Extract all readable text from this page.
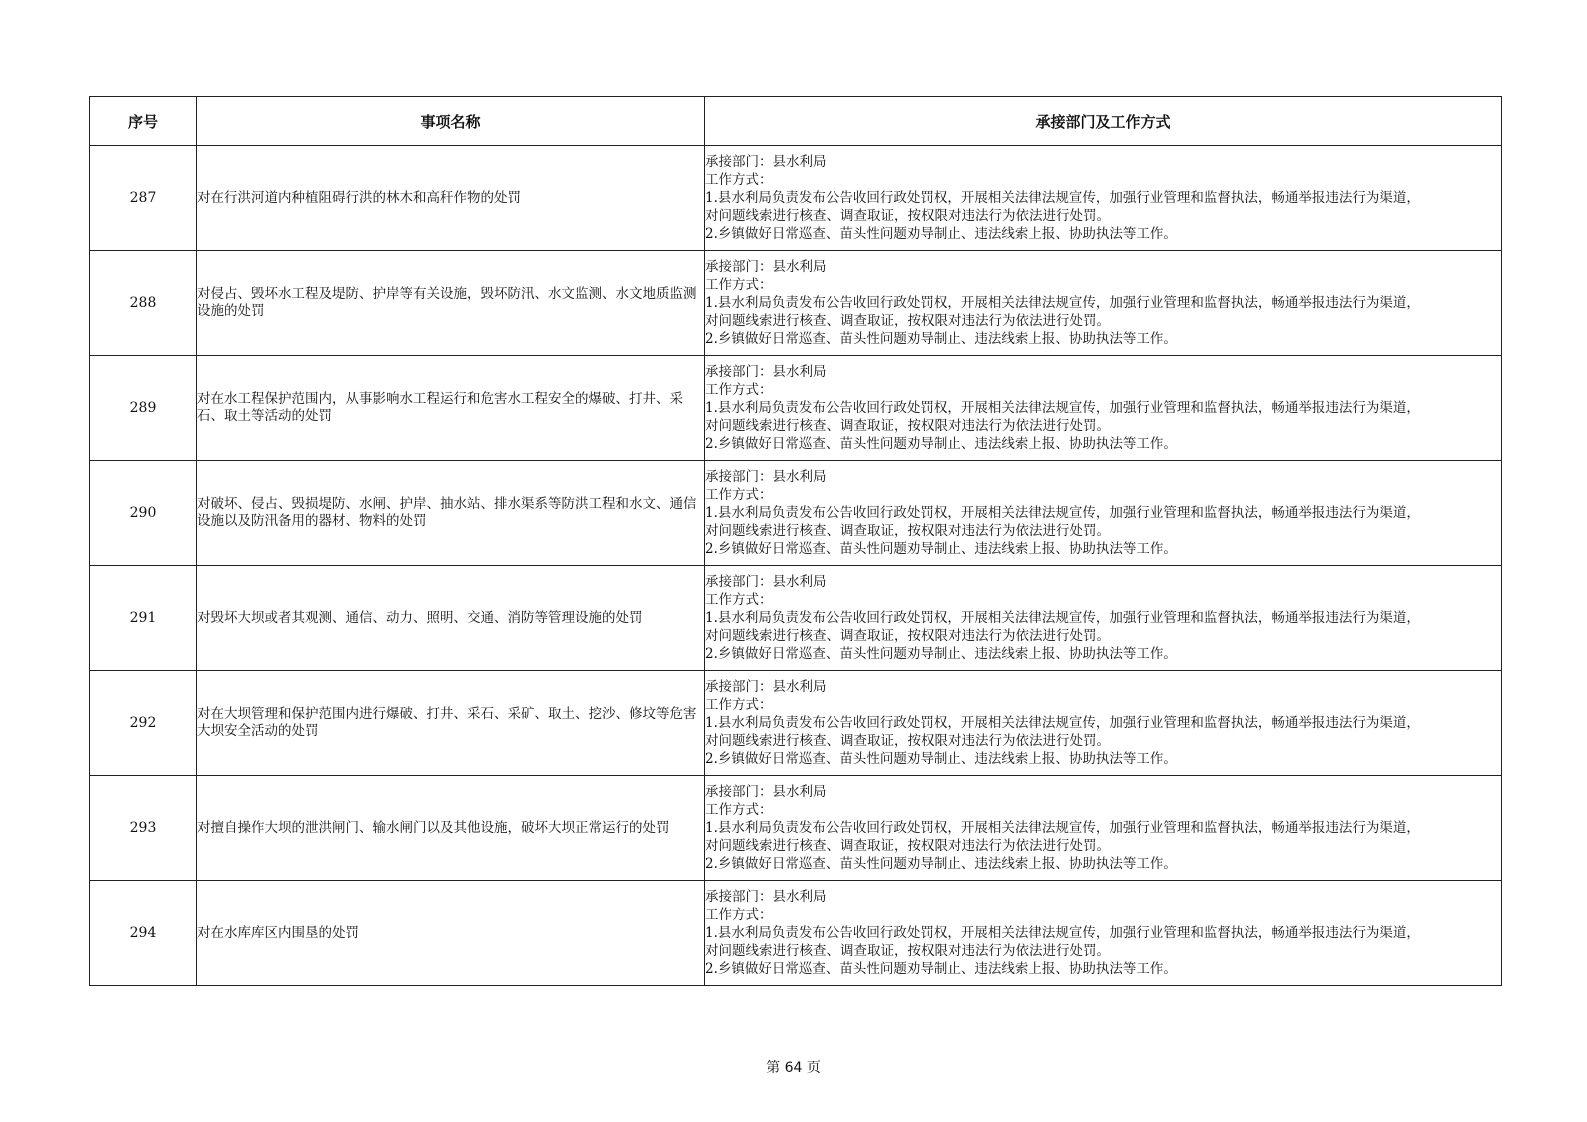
序号	事项名称	承接部门及工作方式
287	对在行洪河道内种植阻碍行洪的林木和高秆作物的处罚	承接部门：县水利局
工作方式：
1.县水利局负责发布公告收回行政处罚权，开展相关法律法规宣传，加强行业管理和监督执法，畅通举报违法行为渠道，
对问题线索进行核查、调查取证，按权限对违法行为依法进行处罚。
2.乡镇做好日常巡查、苗头性问题劝导制止、违法线索上报、协助执法等工作。

288	对侵占、毁坏水工程及堤防、护岸等有关设施，毁坏防汛、水文监测、水文地质监测设施的处罚	承接部门：县水利局
工作方式：
1.县水利局负责发布公告收回行政处罚权，开展相关法律法规宣传，加强行业管理和监督执法，畅通举报违法行为渠道，
对问题线索进行核查、调查取证，按权限对违法行为依法进行处罚。
2.乡镇做好日常巡查、苗头性问题劝导制止、违法线索上报、协助执法等工作。

289	对在水工程保护范围内，从事影响水工程运行和危害水工程安全的爆破、打井、采石、取土等活动的处罚	承接部门：县水利局
工作方式：
1.县水利局负责发布公告收回行政处罚权，开展相关法律法规宣传，加强行业管理和监督执法，畅通举报违法行为渠道，
对问题线索进行核查、调查取证，按权限对违法行为依法进行处罚。
2.乡镇做好日常巡查、苗头性问题劝导制止、违法线索上报、协助执法等工作。

290	对破坏、侵占、毁损堤防、水闸、护岸、抽水站、排水渠系等防洪工程和水文、通信设施以及防汛备用的器材、物料的处罚	承接部门：县水利局
工作方式：
1.县水利局负责发布公告收回行政处罚权，开展相关法律法规宣传，加强行业管理和监督执法，畅通举报违法行为渠道，
对问题线索进行核查、调查取证，按权限对违法行为依法进行处罚。
2.乡镇做好日常巡查、苗头性问题劝导制止、违法线索上报、协助执法等工作。

291	对毁坏大坝或者其观测、通信、动力、照明、交通、消防等管理设施的处罚	承接部门：县水利局
工作方式：
1.县水利局负责发布公告收回行政处罚权，开展相关法律法规宣传，加强行业管理和监督执法，畅通举报违法行为渠道，
对问题线索进行核查、调查取证，按权限对违法行为依法进行处罚。
2.乡镇做好日常巡查、苗头性问题劝导制止、违法线索上报、协助执法等工作。

292	对在大坝管理和保护范围内进行爆破、打井、采石、采矿、取土、挖沙、修坟等危害大坝安全活动的处罚	承接部门：县水利局
工作方式：
1.县水利局负责发布公告收回行政处罚权，开展相关法律法规宣传，加强行业管理和监督执法，畅通举报违法行为渠道，
对问题线索进行核查、调查取证，按权限对违法行为依法进行处罚。
2.乡镇做好日常巡查、苗头性问题劝导制止、违法线索上报、协助执法等工作。

293	对擅自操作大坝的泄洪闸门、输水闸门以及其他设施，破坏大坝正常运行的处罚	承接部门：县水利局
工作方式：
1.县水利局负责发布公告收回行政处罚权，开展相关法律法规宣传，加强行业管理和监督执法，畅通举报违法行为渠道，
对问题线索进行核查、调查取证，按权限对违法行为依法进行处罚。
2.乡镇做好日常巡查、苗头性问题劝导制止、违法线索上报、协助执法等工作。

294	对在水库库区内围垦的处罚	承接部门：县水利局
工作方式：
1.县水利局负责发布公告收回行政处罚权，开展相关法律法规宣传，加强行业管理和监督执法，畅通举报违法行为渠道，
对问题线索进行核查、调查取证，按权限对违法行为依法进行处罚。
2.乡镇做好日常巡查、苗头性问题劝导制止、违法线索上报、协助执法等工作。
第 64 页
